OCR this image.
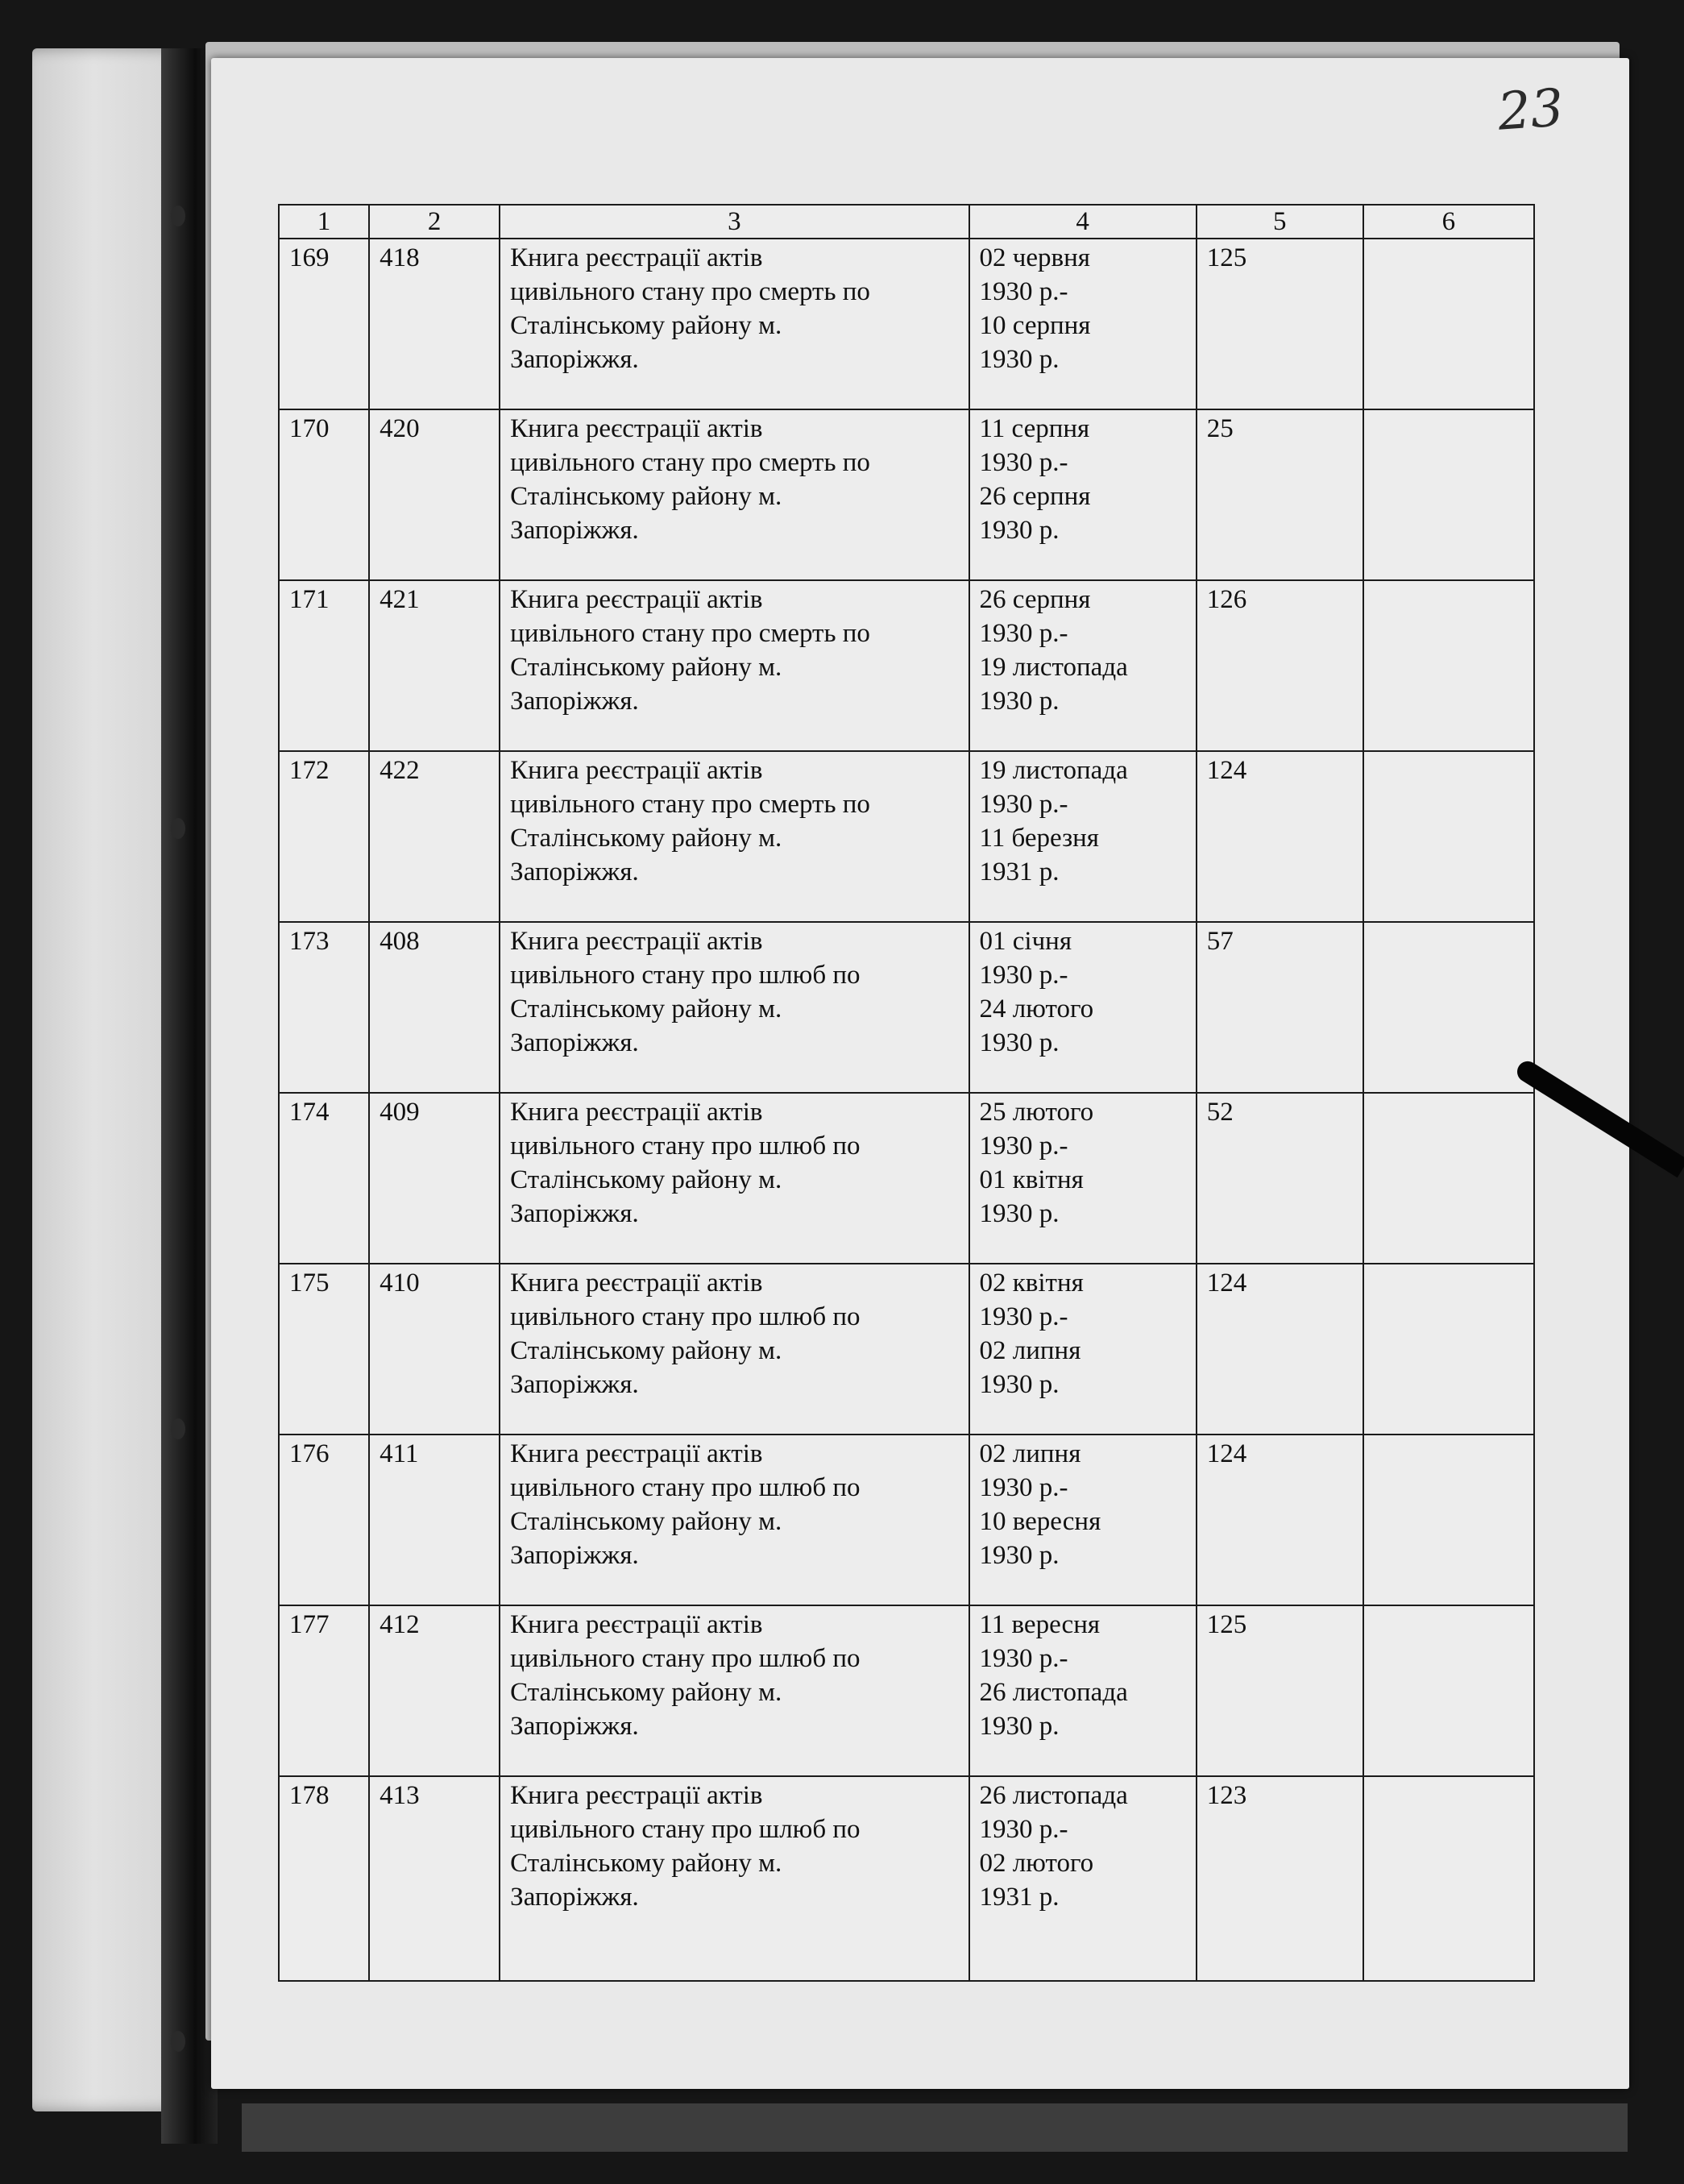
23
1	2	3	4	5	6
169	418	Книга реєстрації актів
цивільного стану про смерть по
Сталінському району м.
Запоріжжя.	02 червня
1930 р.-
10 серпня
1930 р.	125	
170	420	Книга реєстрації актів
цивільного стану про смерть по
Сталінському району м.
Запоріжжя.	11 серпня
1930 р.-
26 серпня
1930 р.	25	
171	421	Книга реєстрації актів
цивільного стану про смерть по
Сталінському району м.
Запоріжжя.	26 серпня
1930 р.-
19 листопада
1930 р.	126	
172	422	Книга реєстрації актів
цивільного стану про смерть по
Сталінському району м.
Запоріжжя.	19 листопада
1930 р.-
11 березня
1931 р.	124	
173	408	Книга реєстрації актів
цивільного стану про шлюб по
Сталінському району м.
Запоріжжя.	01 січня
1930 р.-
24 лютого
1930 р.	57	
174	409	Книга реєстрації актів
цивільного стану про шлюб по
Сталінському району м.
Запоріжжя.	25 лютого
1930 р.-
01 квітня
1930 р.	52	
175	410	Книга реєстрації актів
цивільного стану про шлюб по
Сталінському району м.
Запоріжжя.	02 квітня
1930 р.-
02 липня
1930 р.	124	
176	411	Книга реєстрації актів
цивільного стану про шлюб по
Сталінському району м.
Запоріжжя.	02 липня
1930 р.-
10 вересня
1930 р.	124	
177	412	Книга реєстрації актів
цивільного стану про шлюб по
Сталінському району м.
Запоріжжя.	11 вересня
1930 р.-
26 листопада
1930 р.	125	
178	413	Книга реєстрації актів
цивільного стану про шлюб по
Сталінському району м.
Запоріжжя.	26 листопада
1930 р.-
02 лютого
1931 р.	123	
